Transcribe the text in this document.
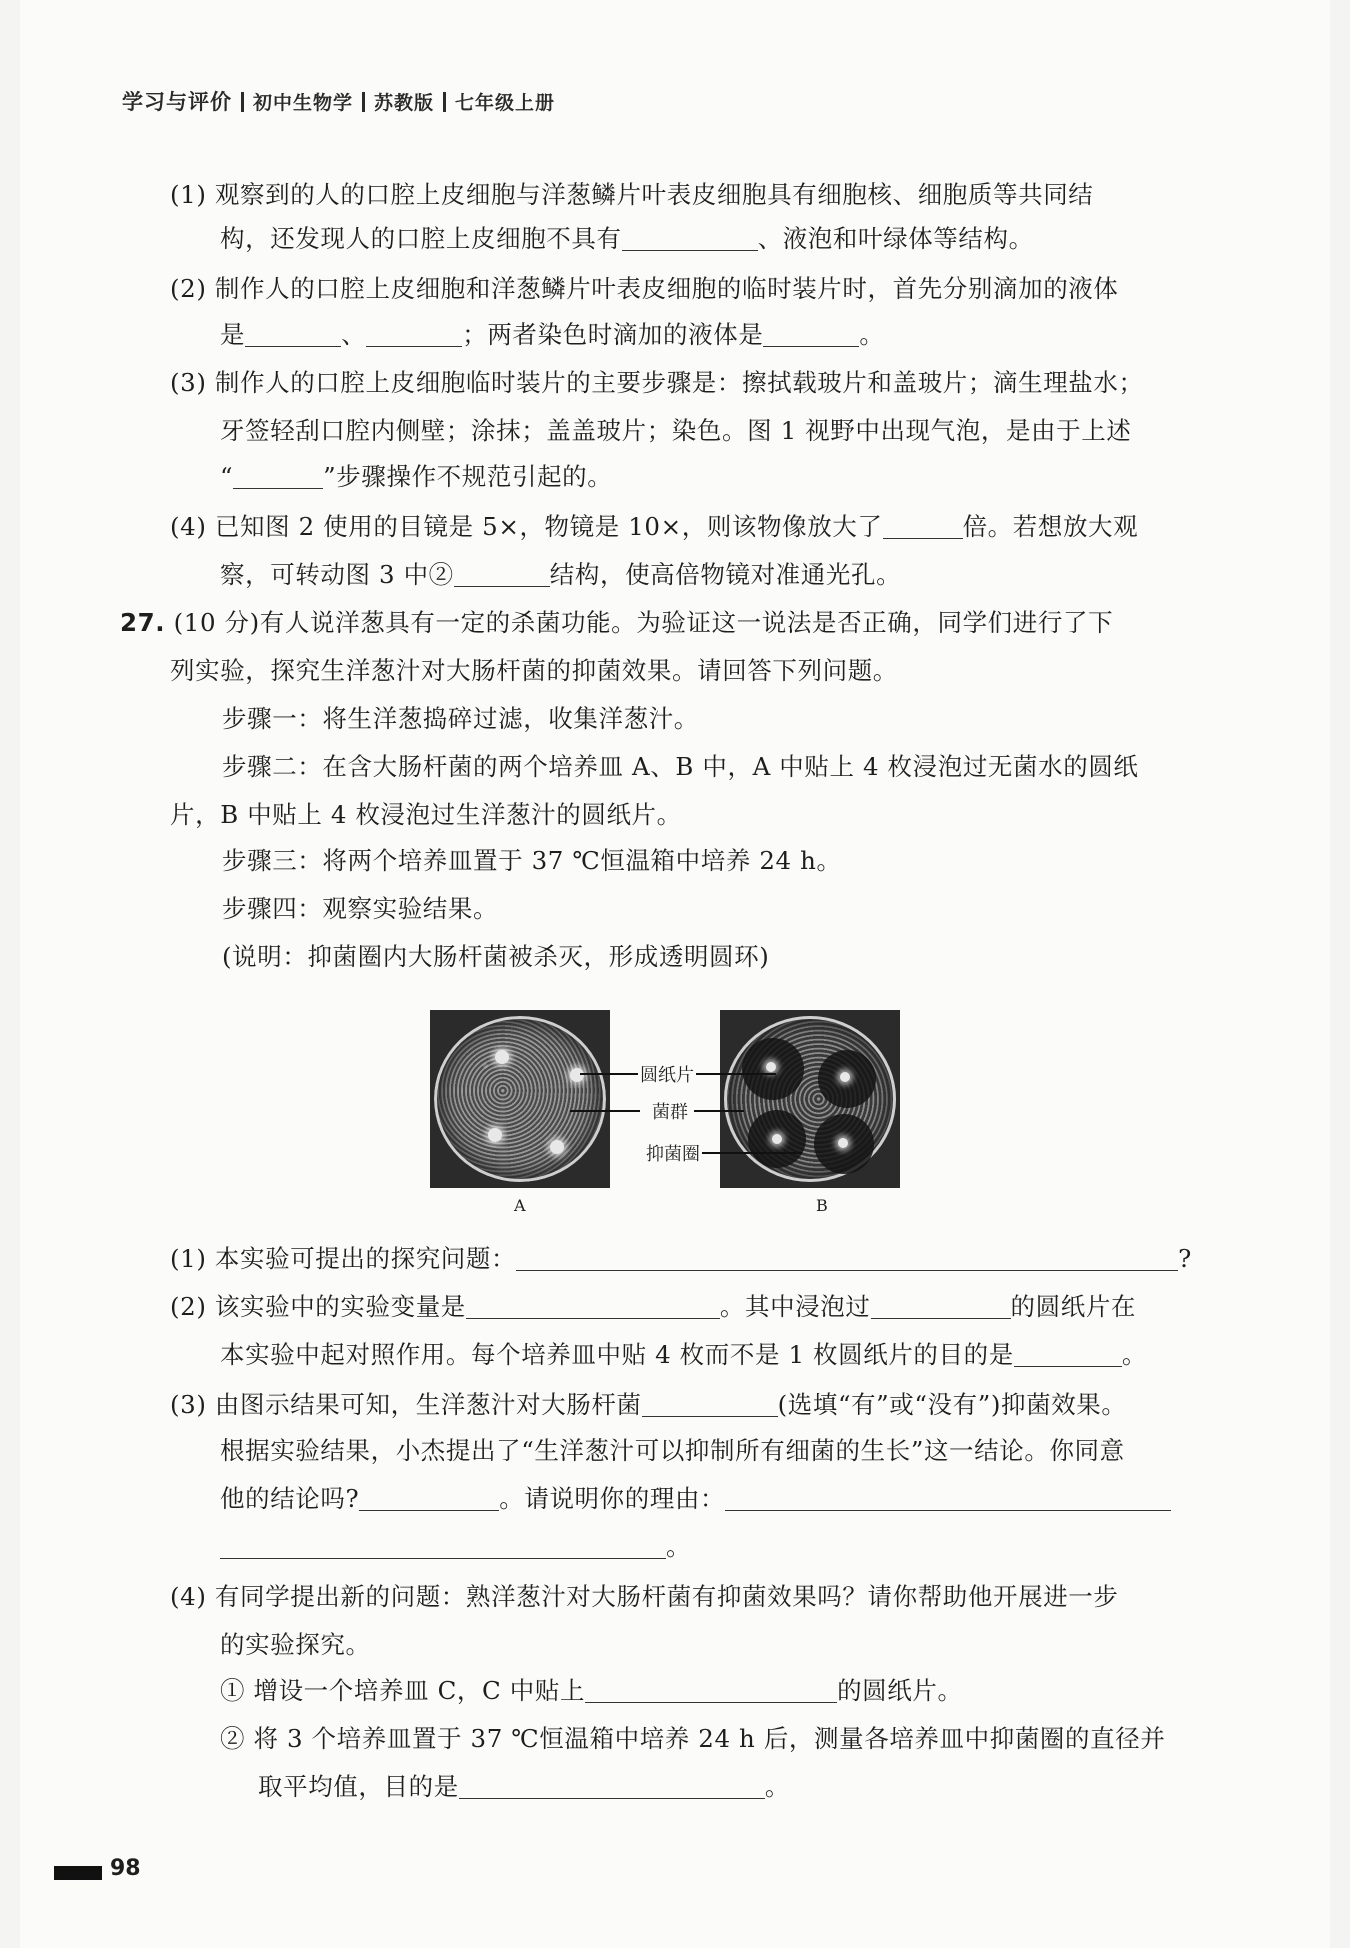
学习与评价 初中生物学 苏教版 七年级上册
(1) 观察到的人的口腔上皮细胞与洋葱鳞片叶表皮细胞具有细胞核、细胞质等共同结
构，还发现人的口腔上皮细胞不具有	、液泡和叶绿体等结构。
(2) 制作人的口腔上皮细胞和洋葱鳞片叶表皮细胞的临时装片时，首先分别滴加的液体
是	、	；两者染色时滴加的液体是	。
(3) 制作人的口腔上皮细胞临时装片的主要步骤是：擦拭载玻片和盖玻片；滴生理盐水；
牙签轻刮口腔内侧壁；涂抹；盖盖玻片；染色。图 1 视野中出现气泡，是由于上述
“	”步骤操作不规范引起的。
(4) 已知图 2 使用的目镜是 5×，物镜是 10×，则该物像放大了	倍。若想放大观
察，可转动图 3 中②	结构，使高倍物镜对准通光孔。
27. (10 分)有人说洋葱具有一定的杀菌功能。为验证这一说法是否正确，同学们进行了下
列实验，探究生洋葱汁对大肠杆菌的抑菌效果。请回答下列问题。
步骤一：将生洋葱捣碎过滤，收集洋葱汁。
步骤二：在含大肠杆菌的两个培养皿 A、B 中，A 中贴上 4 枚浸泡过无菌水的圆纸
片，B 中贴上 4 枚浸泡过生洋葱汁的圆纸片。
步骤三：将两个培养皿置于 37 ℃恒温箱中培养 24 h。
步骤四：观察实验结果。
(说明：抑菌圈内大肠杆菌被杀灭，形成透明圆环)
圆纸片
菌群
抑菌圈
A	B
(1) 本实验可提出的探究问题：	?
(2) 该实验中的实验变量是	。其中浸泡过	的圆纸片在
本实验中起对照作用。每个培养皿中贴 4 枚而不是 1 枚圆纸片的目的是	。
(3) 由图示结果可知，生洋葱汁对大肠杆菌	(选填“有”或“没有”)抑菌效果。
根据实验结果，小杰提出了“生洋葱汁可以抑制所有细菌的生长”这一结论。你同意
他的结论吗?	。请说明你的理由：
。
(4) 有同学提出新的问题：熟洋葱汁对大肠杆菌有抑菌效果吗？请你帮助他开展进一步
的实验探究。
① 增设一个培养皿 C，C 中贴上	的圆纸片。
② 将 3 个培养皿置于 37 ℃恒温箱中培养 24 h 后，测量各培养皿中抑菌圈的直径并
取平均值，目的是	。
98
